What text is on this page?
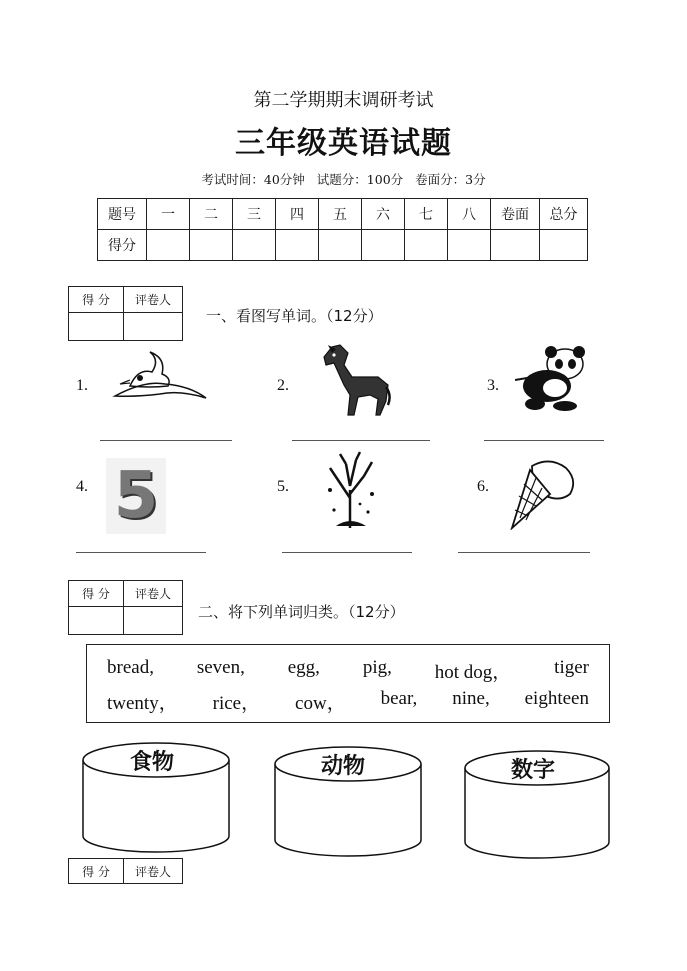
第二学期期末调研考试
三年级英语试题
考试时间：40分钟 试题分：100分 卷面分：3分
题号	一	二	三	四	五	六	七	八	卷面	总分
得分										
得 分	评卷人

一、看图写单词。（12分）
1.	2.	3.
4. 5	5.	6.
得 分	评卷人

二、将下列单词归类。（12分）
bread, seven, egg, pig, hot dog， tiger
twenty， rice， cow， bear, nine, eighteen
食物	动物	数字
得 分	评卷人
